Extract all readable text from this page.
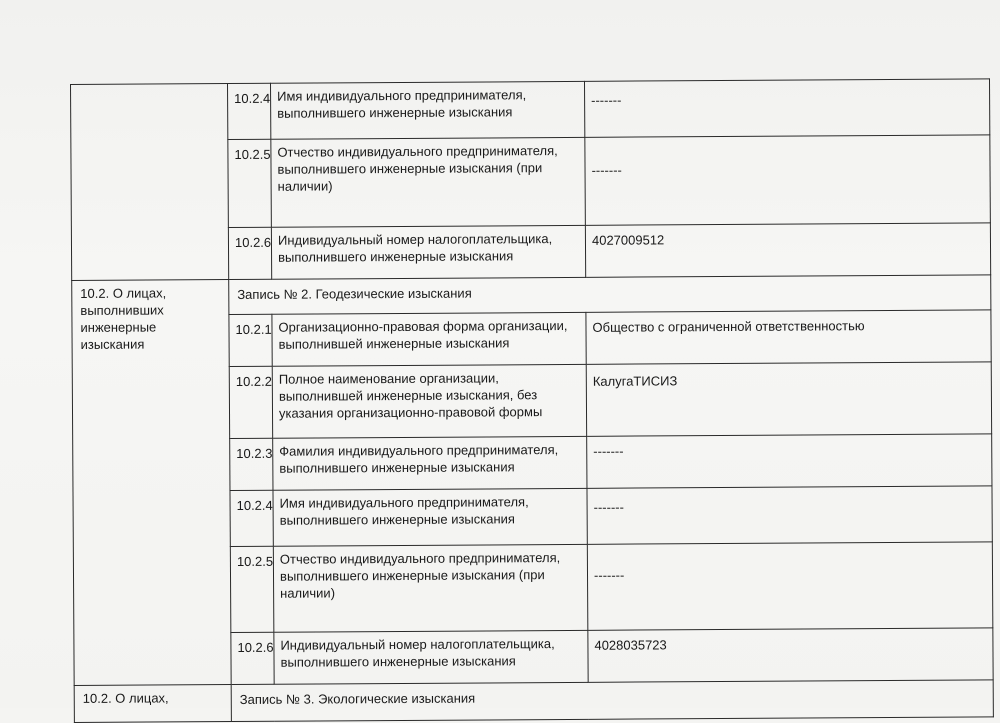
	10.2.4	Имя индивидуального предпринимателя, выполнившего инженерные изыскания	-------
	10.2.5	Отчество индивидуального предпринимателя, выполнившего инженерные изыскания (при наличии)	-------
	10.2.6	Индивидуальный номер налогоплательщика, выполнившего инженерные изыскания	4027009512
10.2. О лицах, выполнивших инженерные изыскания	Запись № 2. Геодезические изыскания		
	10.2.1	Организационно-правовая форма организации, выполнившей инженерные изыскания	Общество с ограниченной ответственностью
	10.2.2	Полное наименование организации, выполнившей инженерные изыскания, без указания организационно-правовой формы	КалугаТИСИЗ
	10.2.3	Фамилия индивидуального предпринимателя, выполнившего инженерные изыскания	-------
	10.2.4	Имя индивидуального предпринимателя, выполнившего инженерные изыскания	-------
	10.2.5	Отчество индивидуального предпринимателя, выполнившего инженерные изыскания (при наличии)	-------
	10.2.6	Индивидуальный номер налогоплательщика, выполнившего инженерные изыскания	4028035723
10.2. О лицах,	Запись № 3. Экологические изыскания		
